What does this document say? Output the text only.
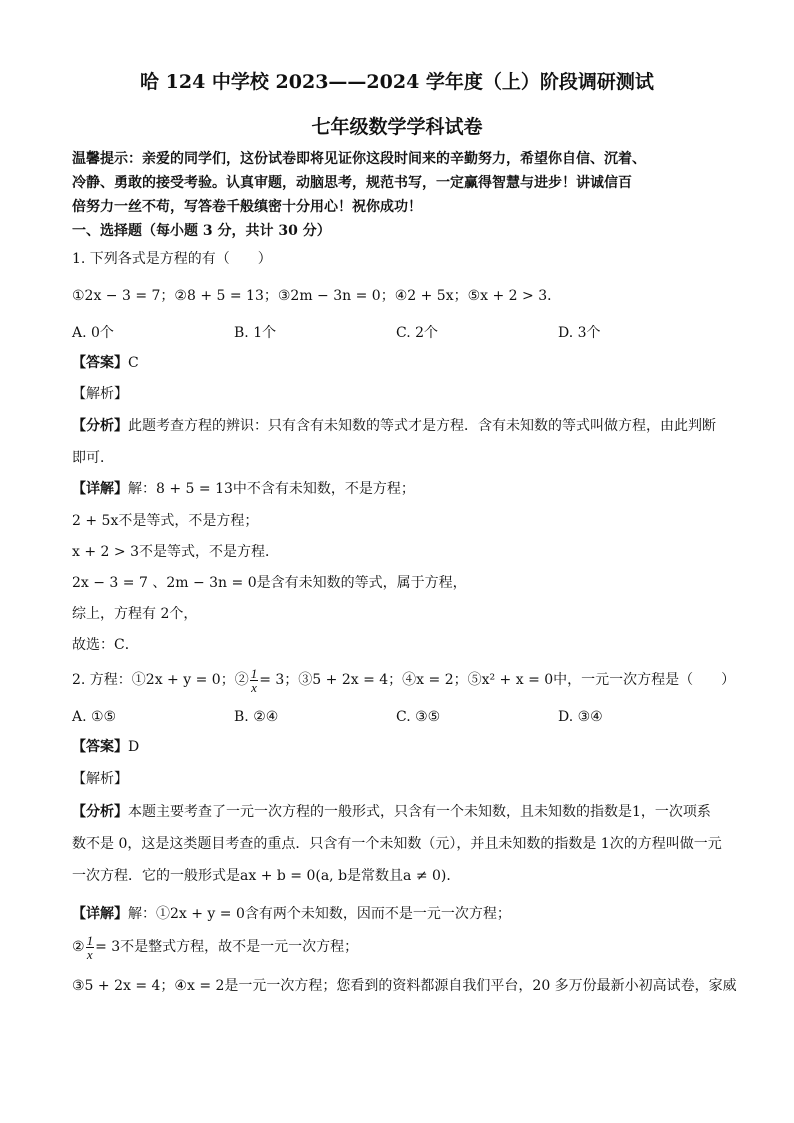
哈 124 中学校 2023——2024 学年度（上）阶段调研测试
七年级数学学科试卷
温馨提示：亲爱的同学们，这份试卷即将见证你这段时间来的辛勤努力，希望你自信、沉着、
冷静、勇敢的接受考验。认真审题，动脑思考，规范书写，一定赢得智慧与进步！讲诚信百
倍努力一丝不苟，写答卷千般缜密十分用心！祝你成功！
一、选择题（每小题 3 分，共计 30 分）
1. 下列各式是方程的有（　　）
①2x − 3 = 7；②8 + 5 = 13；③2m − 3n = 0；④2 + 5x；⑤x + 2 > 3．
A. 0个	B. 1个	C. 2个	D. 3个
【答案】C
【解析】
【分析】此题考查方程的辨识：只有含有未知数的等式才是方程．含有未知数的等式叫做方程，由此判断
即可．
【详解】解：8 + 5 = 13中不含有未知数，不是方程；
2 + 5x不是等式，不是方程；
x + 2 > 3不是等式，不是方程．
2x − 3 = 7 、2m − 3n = 0是含有未知数的等式，属于方程，
综上，方程有 2个，
故选：C．
2. 方程：①2x + y = 0；② $\frac{1}{x} = 3$；③5 + 2x = 4；④x = 2；⑤x² + x = 0中，一元一次方程是（　　）
A. ①⑤	B. ②④	C. ③⑤	D. ③④
【答案】D
【解析】
【分析】本题主要考查了一元一次方程的一般形式，只含有一个未知数，且未知数的指数是1，一次项系
数不是 0，这是这类题目考查的重点．只含有一个未知数（元），并且未知数的指数是 1次的方程叫做一元
一次方程．它的一般形式是ax + b = 0(a, b是常数且a ≠ 0)．
【详解】解：①2x + y = 0含有两个未知数，因而不是一元一次方程；
② $\frac{1}{x} = 3$不是整式方程，故不是一元一次方程；
③5 + 2x = 4；④x = 2是一元一次方程；您看到的资料都源自我们平台，20 多万份最新小初高试卷，家威
